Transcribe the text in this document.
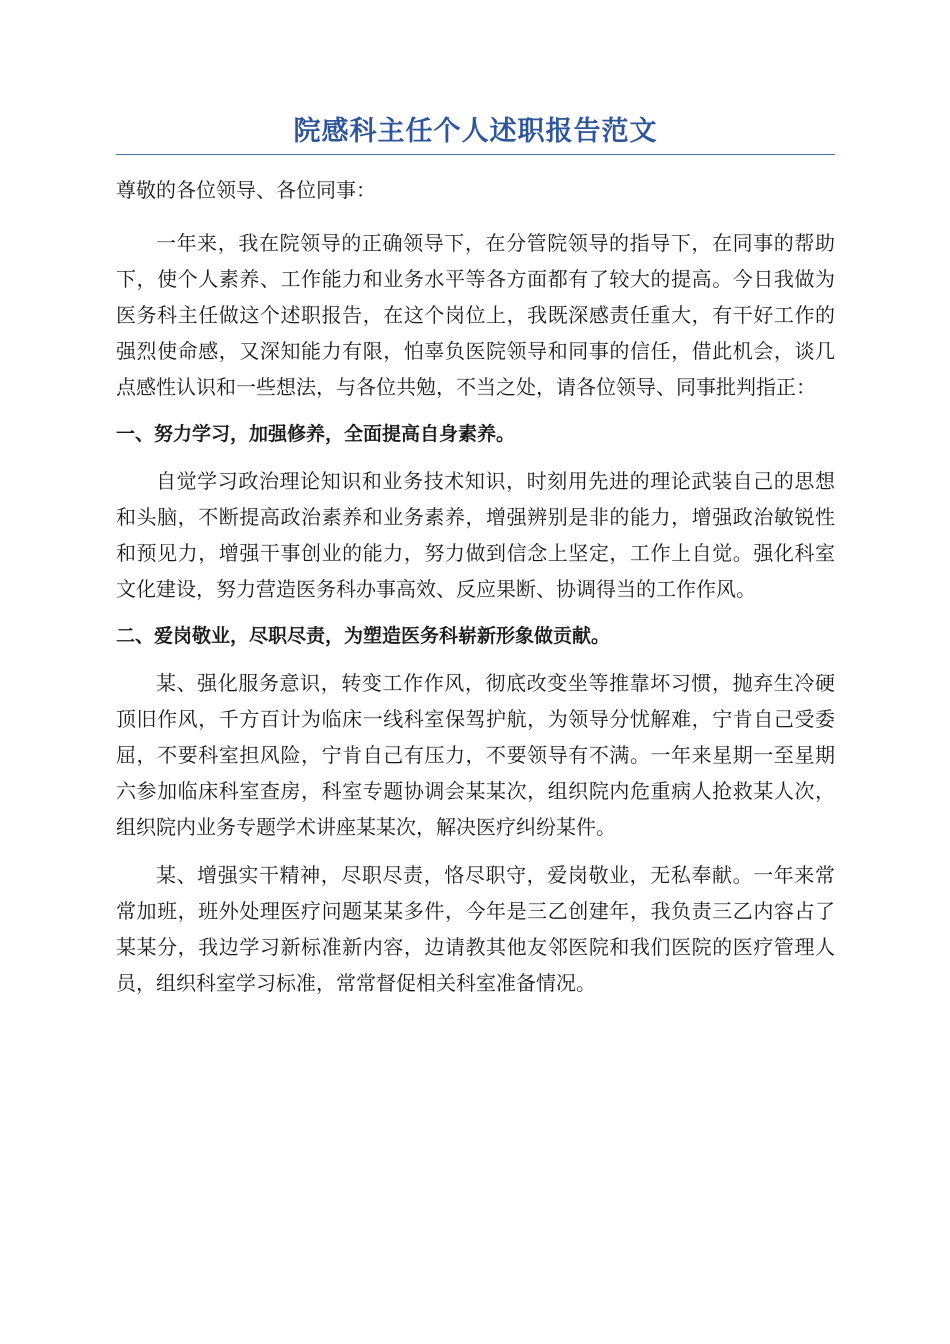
院感科主任个人述职报告范文

尊敬的各位领导、各位同事：

一年来，我在院领导的正确领导下，在分管院领导的指导下，在同事的帮助下，使个人素养、工作能力和业务水平等各方面都有了较大的提高。今日我做为医务科主任做这个述职报告，在这个岗位上，我既深感责任重大，有干好工作的强烈使命感，又深知能力有限，怕辜负医院领导和同事的信任，借此机会，谈几点感性认识和一些想法，与各位共勉，不当之处，请各位领导、同事批判指正：

一、努力学习，加强修养，全面提高自身素养。

自觉学习政治理论知识和业务技术知识，时刻用先进的理论武装自己的思想和头脑，不断提高政治素养和业务素养，增强辨别是非的能力，增强政治敏锐性和预见力，增强干事创业的能力，努力做到信念上坚定，工作上自觉。强化科室文化建设，努力营造医务科办事高效、反应果断、协调得当的工作作风。

二、爱岗敬业，尽职尽责，为塑造医务科崭新形象做贡献。

某、强化服务意识，转变工作作风，彻底改变坐等推靠坏习惯，抛弃生冷硬顶旧作风，千方百计为临床一线科室保驾护航，为领导分忧解难，宁肯自己受委屈，不要科室担风险，宁肯自己有压力，不要领导有不满。一年来星期一至星期六参加临床科室查房，科室专题协调会某某次，组织院内危重病人抢救某人次，组织院内业务专题学术讲座某某次，解决医疗纠纷某件。

某、增强实干精神，尽职尽责，恪尽职守，爱岗敬业，无私奉献。一年来常常加班，班外处理医疗问题某某多件，今年是三乙创建年，我负责三乙内容占了某某分，我边学习新标准新内容，边请教其他友邻医院和我们医院的医疗管理人员，组织科室学习标准，常常督促相关科室准备情况。
